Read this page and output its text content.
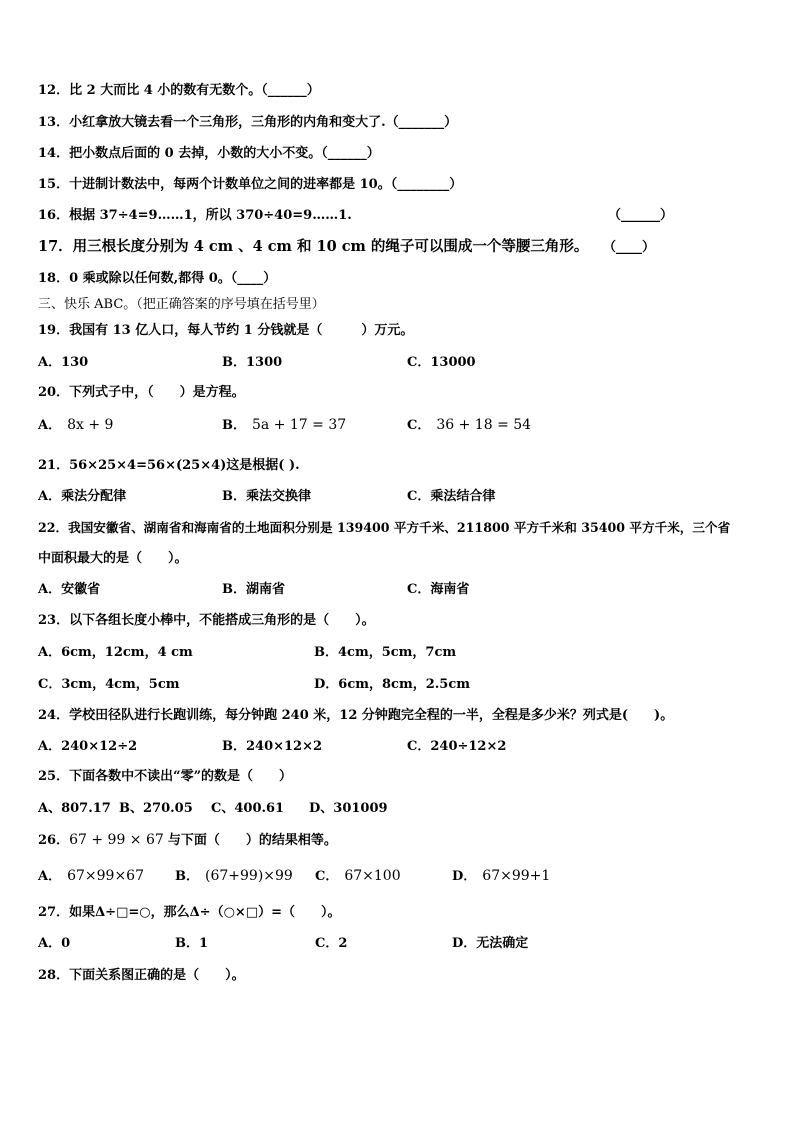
12．比 2 大而比 4 小的数有无数个。（______）
13．小红拿放大镜去看一个三角形，三角形的内角和变大了.（_______）
14．把小数点后面的 0 去掉，小数的大小不变。（______）
15．十进制计数法中，每两个计数单位之间的进率都是 10。（________）
16．根据 37÷4=9……1，所以 370÷40=9……1.	（______）
17．用三根长度分别为 4 cm 、4 cm 和 10 cm 的绳子可以围成一个等腰三角形。 （____）
18．0 乘或除以任何数,都得 0。（____）
三、快乐 ABC。（把正确答案的序号填在括号里）
19．我国有 13 亿人口，每人节约 1 分钱就是（　　　）万元。
A．130	B．1300	C．13000
20．下列式子中，（　　）是方程。
A． 8x + 9	B． 5a + 17 = 37	C． 36 + 18 = 54
21．56×25×4=56×(25×4)这是根据( ).
A．乘法分配律	B．乘法交换律	C．乘法结合律
22．我国安徽省、湖南省和海南省的土地面积分别是 139400 平方千米、211800 平方千米和 35400 平方千米，三个省
中面积最大的是（　　）。
A．安徽省	B．湖南省	C．海南省
23．以下各组长度小棒中，不能搭成三角形的是（　　）。
A．6cm，12cm，4 cm	B．4cm，5cm，7cm
C．3cm，4cm，5cm	D．6cm，8cm，2.5cm
24．学校田径队进行长跑训练，每分钟跑 240 米，12 分钟跑完全程的一半，全程是多少米？列式是(　　)。
A．240×12÷2	B．240×12×2	C．240÷12×2
25．下面各数中不读出“零”的数是（　　）
A、807.17 B、270.05 C、400.61 D、301009
26．67 + 99 × 67 与下面（　　）的结果相等。
A． 67×99×67 B． (67+99)×99 C． 67×100	D． 67×99+1
27．如果Δ÷□=○，那么Δ÷（○×□）=（　　）。
A．0	B．1	C．2	D．无法确定
28．下面关系图正确的是（　　）。
